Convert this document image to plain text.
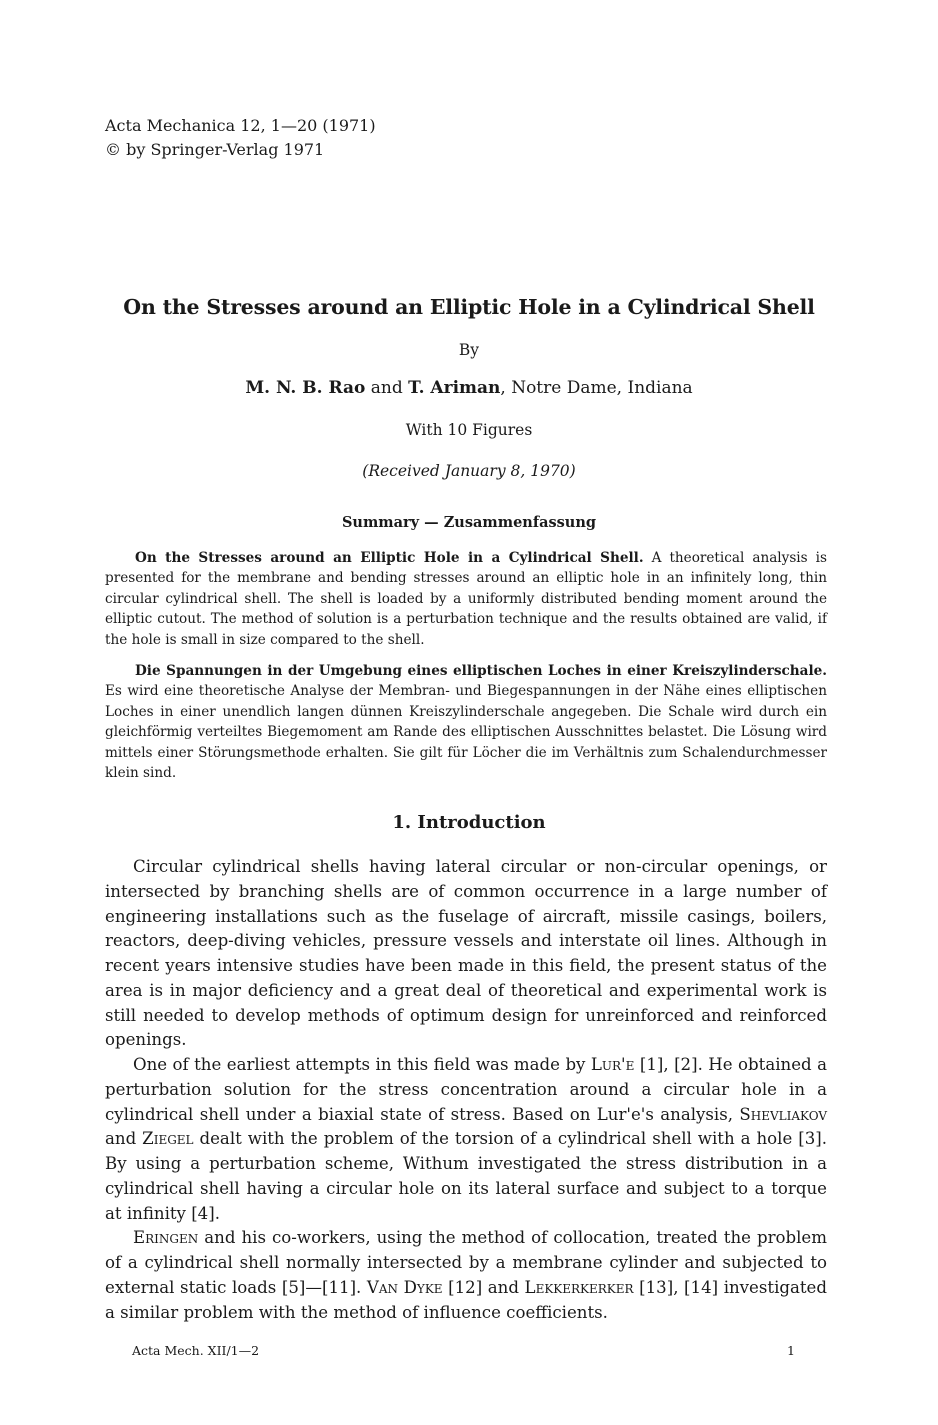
Acta Mechanica 12, 1—20 (1971)
© by Springer-Verlag 1971
On the Stresses around an Elliptic Hole in a Cylindrical Shell
By
M. N. B. Rao and T. Ariman, Notre Dame, Indiana
With 10 Figures
(Received January 8, 1970)
Summary — Zusammenfassung

On the Stresses around an Elliptic Hole in a Cylindrical Shell. A theoretical analysis is presented for the membrane and bending stresses around an elliptic hole in an infinitely long, thin circular cylindrical shell. The shell is loaded by a uniformly distributed bending moment around the elliptic cutout. The method of solution is a perturbation technique and the results obtained are valid, if the hole is small in size compared to the shell.

Die Spannungen in der Umgebung eines elliptischen Loches in einer Kreiszylinderschale. Es wird eine theoretische Analyse der Membran- und Biegespannungen in der Nähe eines elliptischen Loches in einer unendlich langen dünnen Kreiszylinderschale angegeben. Die Schale wird durch ein gleichförmig verteiltes Biegemoment am Rande des elliptischen Ausschnittes belastet. Die Lösung wird mittels einer Störungsmethode erhalten. Sie gilt für Löcher die im Verhältnis zum Schalendurchmesser klein sind.

1. Introduction

Circular cylindrical shells having lateral circular or non-circular openings, or intersected by branching shells are of common occurrence in a large number of engineering installations such as the fuselage of aircraft, missile casings, boilers, reactors, deep-diving vehicles, pressure vessels and interstate oil lines. Although in recent years intensive studies have been made in this field, the present status of the area is in major deficiency and a great deal of theoretical and experimental work is still needed to develop methods of optimum design for unreinforced and reinforced openings.

One of the earliest attempts in this field was made by Lur'e [1], [2]. He obtained a perturbation solution for the stress concentration around a circular hole in a cylindrical shell under a biaxial state of stress. Based on Lur'e's analysis, Shevliakov and Ziegel dealt with the problem of the torsion of a cylindrical shell with a hole [3]. By using a perturbation scheme, Withum investigated the stress distribution in a cylindrical shell having a circular hole on its lateral surface and subject to a torque at infinity [4].

Eringen and his co-workers, using the method of collocation, treated the problem of a cylindrical shell normally intersected by a membrane cylinder and subjected to external static loads [5]—[11]. Van Dyke [12] and Lekkerkerker [13], [14] investigated a similar problem with the method of influence coefficients.

Acta Mech. XII/1—2	1
